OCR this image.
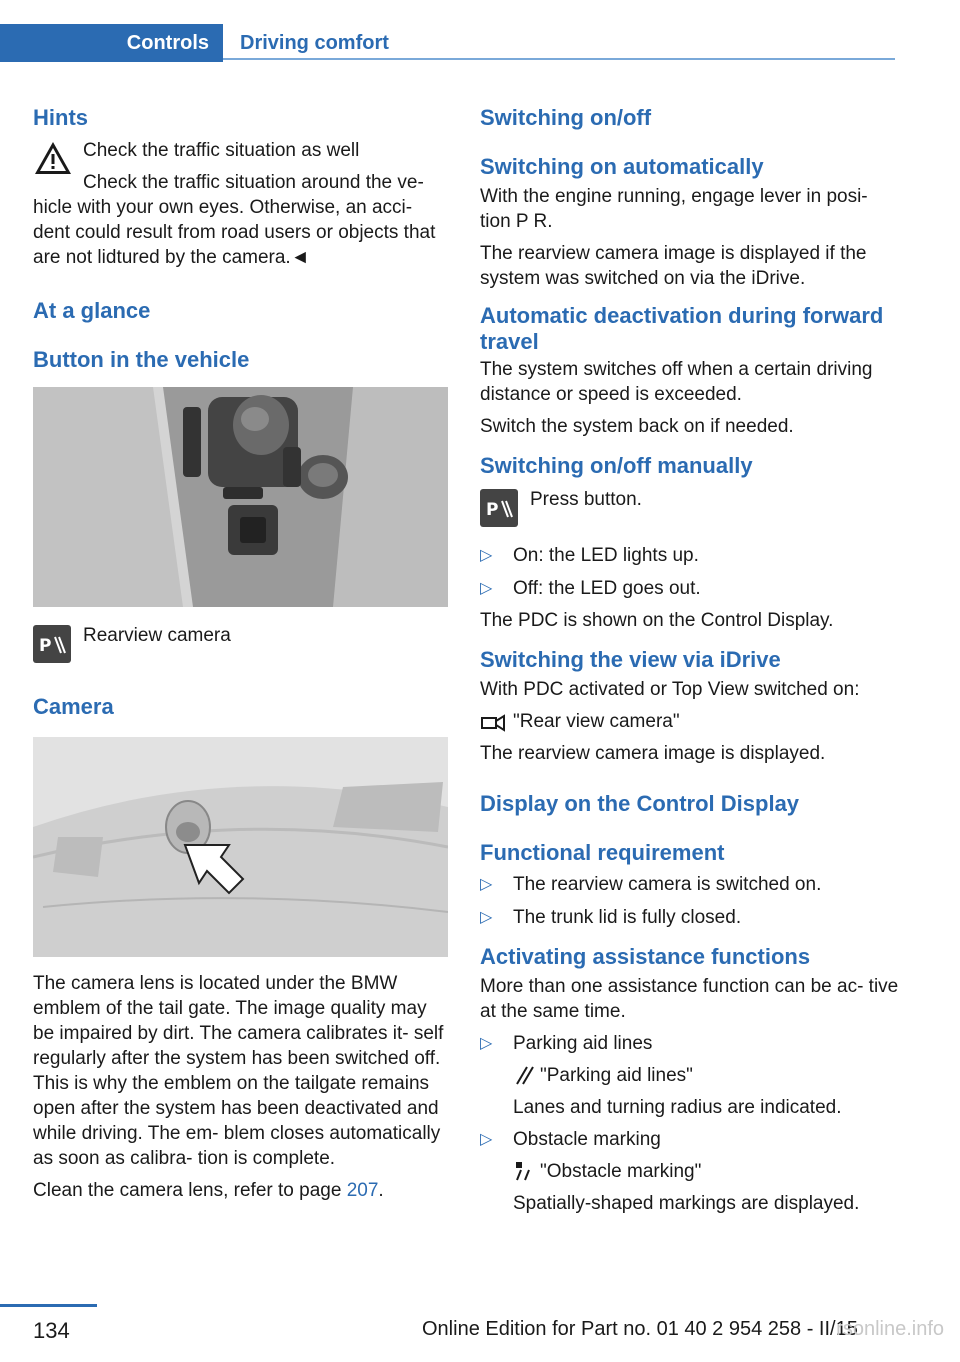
Controls	Driving comfort
Hints

Check the traffic situation as well

Check the traffic situation around the ve-

hicle with your own eyes. Otherwise, an acci- dent could result from road users or objects that are not lidtured by the camera.◄

At a glance
Button in the vehicle
P Rearview camera

Camera

The camera lens is located under the BMW emblem of the tail gate. The image quality may be impaired by dirt. The camera calibrates it- self regularly after the system has been switched off. This is why the emblem on the tailgate remains open after the system has been deactivated and while driving. The em- blem closes automatically as soon as calibra- tion is complete.

Clean the camera lens, refer to page 207.

Switching on/off
Switching on automatically

With the engine running, engage lever in posi- tion P R.

The rearview camera image is displayed if the system was switched on via the iDrive.

Automatic deactivation during forward travel

The system switches off when a certain driving distance or speed is exceeded.

Switch the system back on if needed.

Switching on/off manually
P Press button.

▷ On: the LED lights up.
▷ Off: the LED goes out.

The PDC is shown on the Control Display.

Switching the view via iDrive

With PDC activated or Top View switched on:

"Rear view camera"

The rearview camera image is displayed.

Display on the Control Display
Functional requirement
▷ The rearview camera is switched on.
▷ The trunk lid is fully closed.
Activating assistance functions

More than one assistance function can be ac- tive at the same time.

▷ Parking aid lines
"Parking aid lines"
Lanes and turning radius are indicated.
▷ Obstacle marking
"Obstacle marking"
Spatially-shaped markings are displayed.
134	Online Edition for Part no. 01 40 2 954 258 - II/15
rsonline.info
